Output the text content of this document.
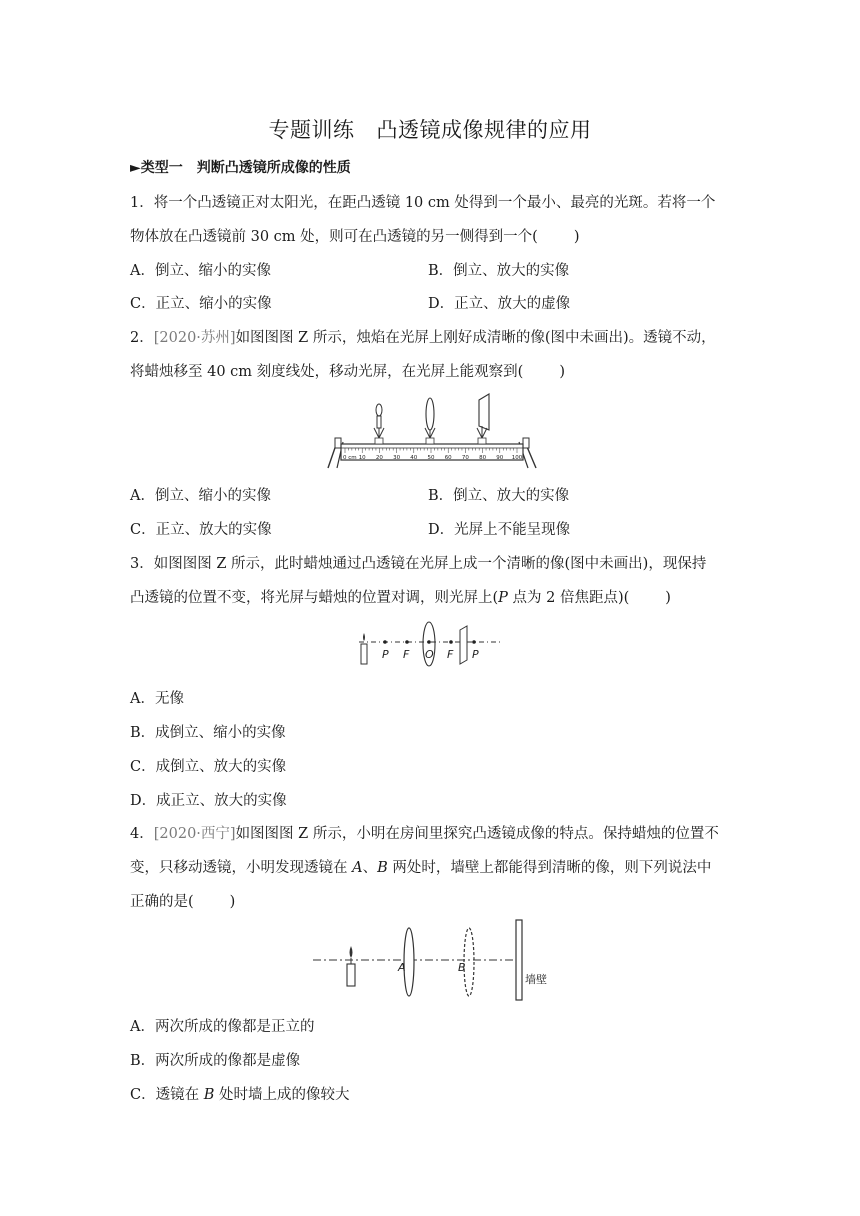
专题训练 凸透镜成像规律的应用
►类型一　判断凸透镜所成像的性质
1．将一个凸透镜正对太阳光，在距凸透镜 10 cm 处得到一个最小、最亮的光斑。若将一个
物体放在凸透镜前 30 cm 处，则可在凸透镜的另一侧得到一个( )
A．倒立、缩小的实像	B．倒立、放大的实像
C．正立、缩小的实像	D．正立、放大的虚像
2．[2020·苏州]如图图图 Z 所示，烛焰在光屏上刚好成清晰的像(图中未画出)。透镜不动，
将蜡烛移至 40 cm 刻度线处，移动光屏，在光屏上能观察到( )
0 cm 10 20 30 40 50 60 70 80 90 100
A．倒立、缩小的实像	B．倒立、放大的实像
C．正立、放大的实像	D．光屏上不能呈现像
3．如图图图 Z 所示，此时蜡烛通过凸透镜在光屏上成一个清晰的像(图中未画出)，现保持
凸透镜的位置不变，将光屏与蜡烛的位置对调，则光屏上(P 点为 2 倍焦距点)( )
P F O F P
A．无像
B．成倒立、缩小的实像
C．成倒立、放大的实像
D．成正立、放大的实像
4．[2020·西宁]如图图图 Z 所示，小明在房间里探究凸透镜成像的特点。保持蜡烛的位置不
变，只移动透镜，小明发现透镜在 A、B 两处时，墙壁上都能得到清晰的像，则下列说法中
正确的是( )
A	B
墙壁
A．两次所成的像都是正立的
B．两次所成的像都是虚像
C．透镜在 B 处时墙上成的像较大
